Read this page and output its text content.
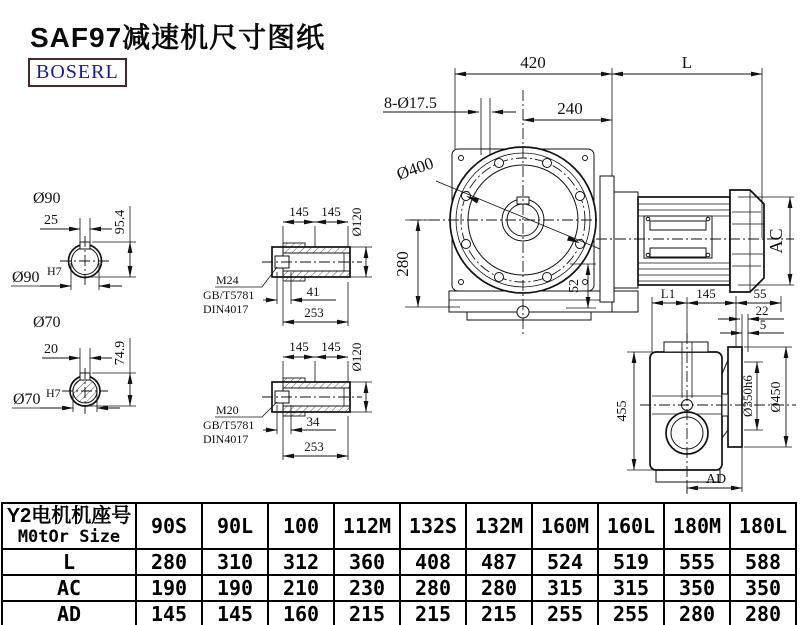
SAF97减速机尺寸图纸
BOSERL	420	L
240
8-Ø17.5
Ø400
280
52
AC
Ø90
25	95.4
Ø90 H7
Ø70
20	74.9
Ø70 H7
145 145 Ø120
M24
GB/T5781
DIN4017
41
253
145 145 Ø120
M20
GB/T5781
DIN4017
34
253
L1 145	55
22
5
455	Ø350h6 Ø450
AD
Y2电机机座号
M0tOr Size	90S	90L	100	112M	132S	132M	160M	160L	180M	180L
L	280	310	312	360	408	487	524	519	555	588
AC	190	190	210	230	280	280	315	315	350	350
AD	145	145	160	215	215	215	255	255	280	280
